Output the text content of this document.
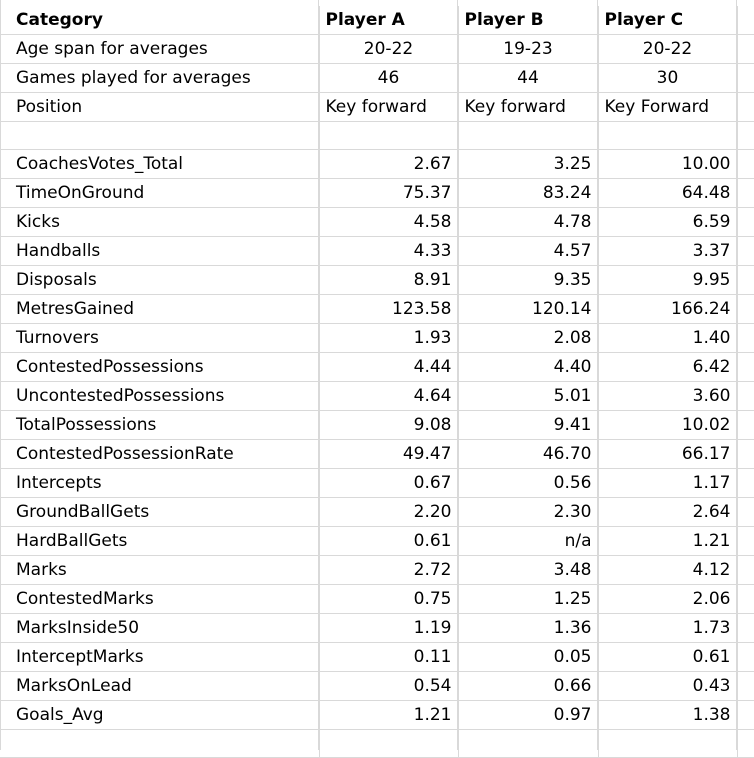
Category	Player A	Player B	Player C	
Age span for averages	20-22	19-23	20-22	
Games played for averages	46	44	30	
Position	Key forward	Key forward	Key Forward	

CoachesVotes_Total	2.67	3.25	10.00	
TimeOnGround	75.37	83.24	64.48	
Kicks	4.58	4.78	6.59	
Handballs	4.33	4.57	3.37	
Disposals	8.91	9.35	9.95	
MetresGained	123.58	120.14	166.24	
Turnovers	1.93	2.08	1.40	
ContestedPossessions	4.44	4.40	6.42	
UncontestedPossessions	4.64	5.01	3.60	
TotalPossessions	9.08	9.41	10.02	
ContestedPossessionRate	49.47	46.70	66.17	
Intercepts	0.67	0.56	1.17	
GroundBallGets	2.20	2.30	2.64	
HardBallGets	0.61	n/a	1.21	
Marks	2.72	3.48	4.12	
ContestedMarks	0.75	1.25	2.06	
MarksInside50	1.19	1.36	1.73	
InterceptMarks	0.11	0.05	0.61	
MarksOnLead	0.54	0.66	0.43	
Goals_Avg	1.21	0.97	1.38	
